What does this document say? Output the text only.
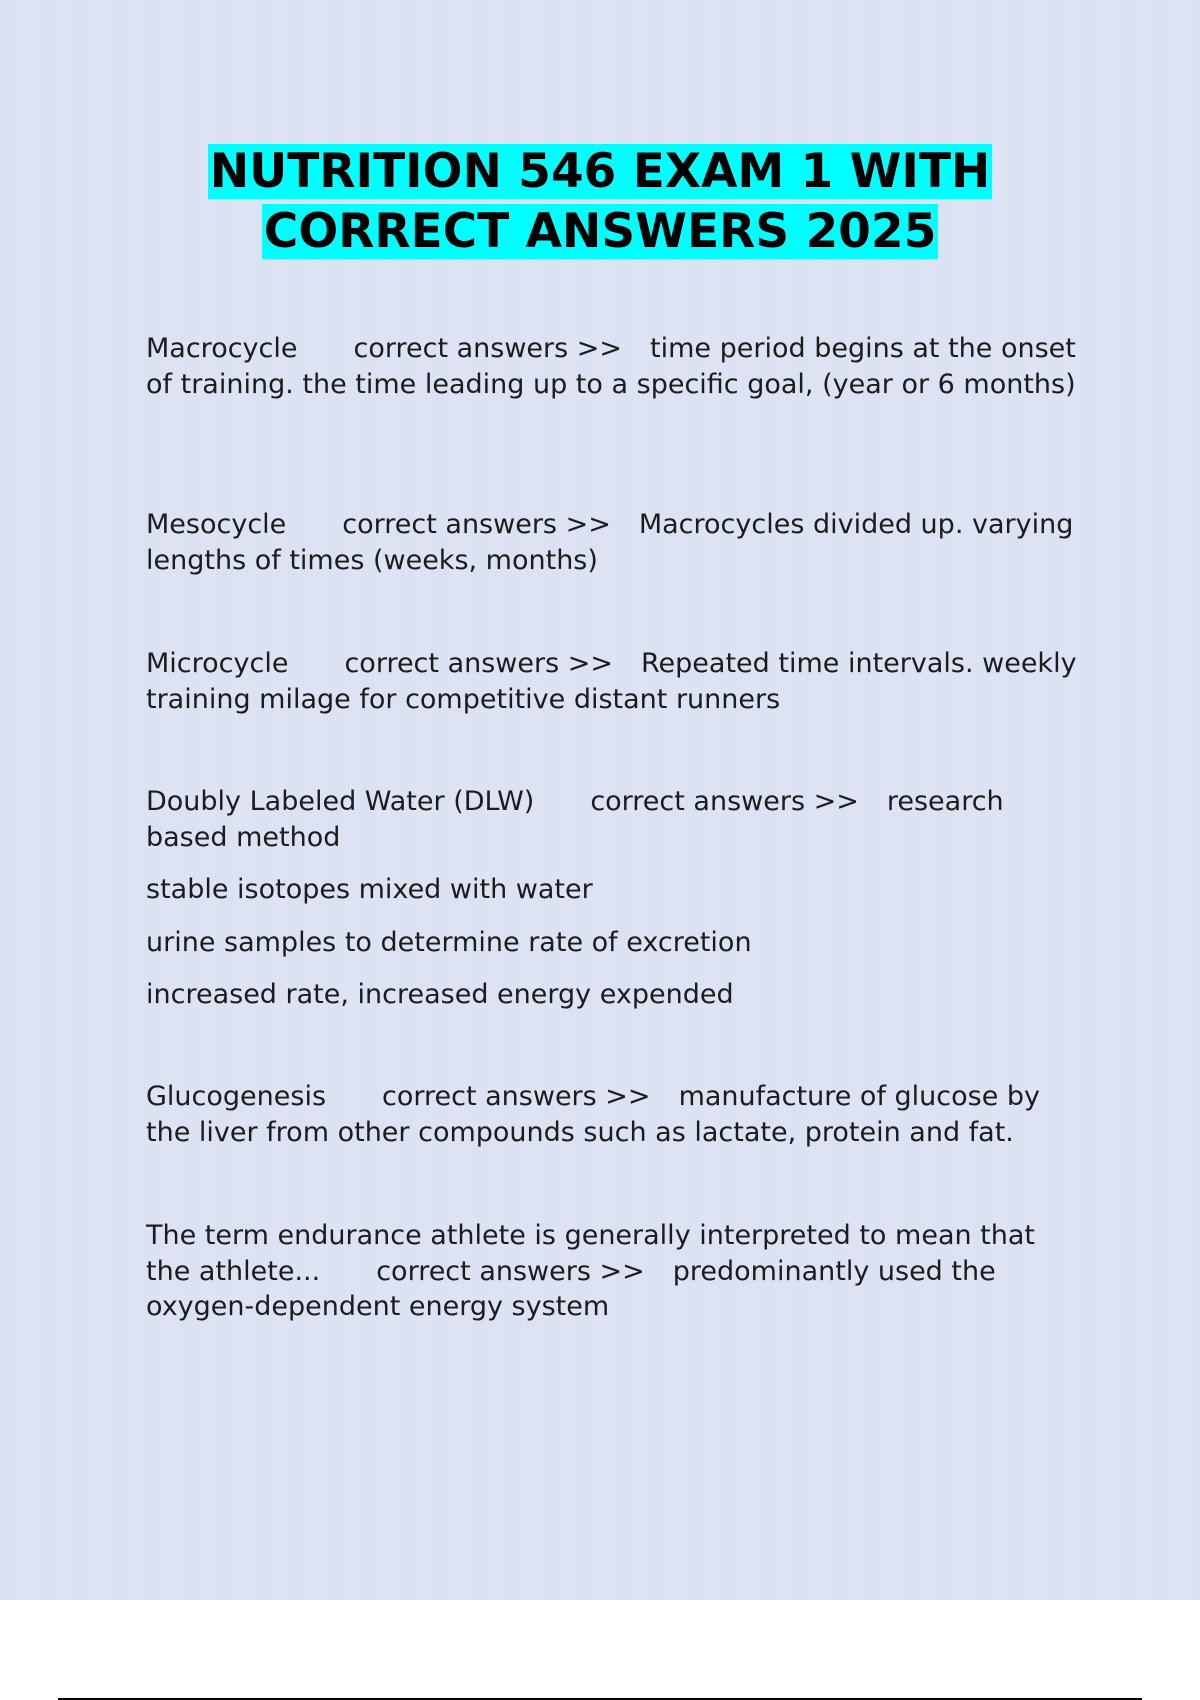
NUTRITION 546 EXAM 1 WITH
CORRECT ANSWERS 2025

Macrocycle correct answers >> time period begins at the onset of training. the time leading up to a specific goal, (year or 6 months)

Mesocycle correct answers >> Macrocycles divided up. varying lengths of times (weeks, months)

Microcycle correct answers >> Repeated time intervals. weekly training milage for competitive distant runners

Doubly Labeled Water (DLW) correct answers >> research based method

stable isotopes mixed with water

urine samples to determine rate of excretion

increased rate, increased energy expended

Glucogenesis correct answers >> manufacture of glucose by the liver from other compounds such as lactate, protein and fat.

The term endurance athlete is generally interpreted to mean that the athlete... correct answers >> predominantly used the oxygen-dependent energy system
